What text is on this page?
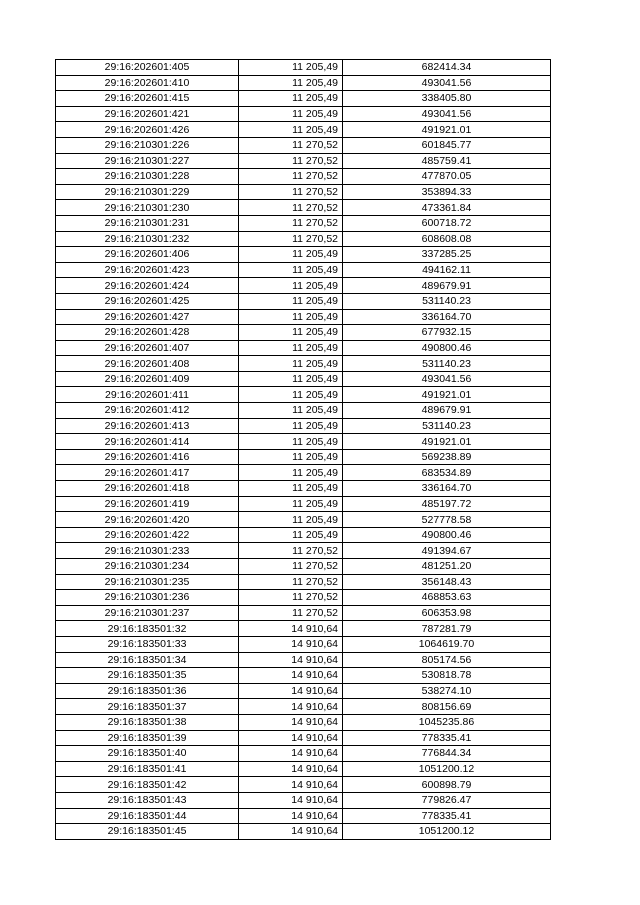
29:16:202601:405	11 205,49	682414.34
29:16:202601:410	11 205,49	493041.56
29:16:202601:415	11 205,49	338405.80
29:16:202601:421	11 205,49	493041.56
29:16:202601:426	11 205,49	491921.01
29:16:210301:226	11 270,52	601845.77
29:16:210301:227	11 270,52	485759.41
29:16:210301:228	11 270,52	477870.05
29:16:210301:229	11 270,52	353894.33
29:16:210301:230	11 270,52	473361.84
29:16:210301:231	11 270,52	600718.72
29:16:210301:232	11 270,52	608608.08
29:16:202601:406	11 205,49	337285.25
29:16:202601:423	11 205,49	494162.11
29:16:202601:424	11 205,49	489679.91
29:16:202601:425	11 205,49	531140.23
29:16:202601:427	11 205,49	336164.70
29:16:202601:428	11 205,49	677932.15
29:16:202601:407	11 205,49	490800.46
29:16:202601:408	11 205,49	531140.23
29:16:202601:409	11 205,49	493041.56
29:16:202601:411	11 205,49	491921.01
29:16:202601:412	11 205,49	489679.91
29:16:202601:413	11 205,49	531140.23
29:16:202601:414	11 205,49	491921.01
29:16:202601:416	11 205,49	569238.89
29:16:202601:417	11 205,49	683534.89
29:16:202601:418	11 205,49	336164.70
29:16:202601:419	11 205,49	485197.72
29:16:202601:420	11 205,49	527778.58
29:16:202601:422	11 205,49	490800.46
29:16:210301:233	11 270,52	491394.67
29:16:210301:234	11 270,52	481251.20
29:16:210301:235	11 270,52	356148.43
29:16:210301:236	11 270,52	468853.63
29:16:210301:237	11 270,52	606353.98
29:16:183501:32	14 910,64	787281.79
29:16:183501:33	14 910,64	1064619.70
29:16:183501:34	14 910,64	805174.56
29:16:183501:35	14 910,64	530818.78
29:16:183501:36	14 910,64	538274.10
29:16:183501:37	14 910,64	808156.69
29:16:183501:38	14 910,64	1045235.86
29:16:183501:39	14 910,64	778335.41
29:16:183501:40	14 910,64	776844.34
29:16:183501:41	14 910,64	1051200.12
29:16:183501:42	14 910,64	600898.79
29:16:183501:43	14 910,64	779826.47
29:16:183501:44	14 910,64	778335.41
29:16:183501:45	14 910,64	1051200.12
